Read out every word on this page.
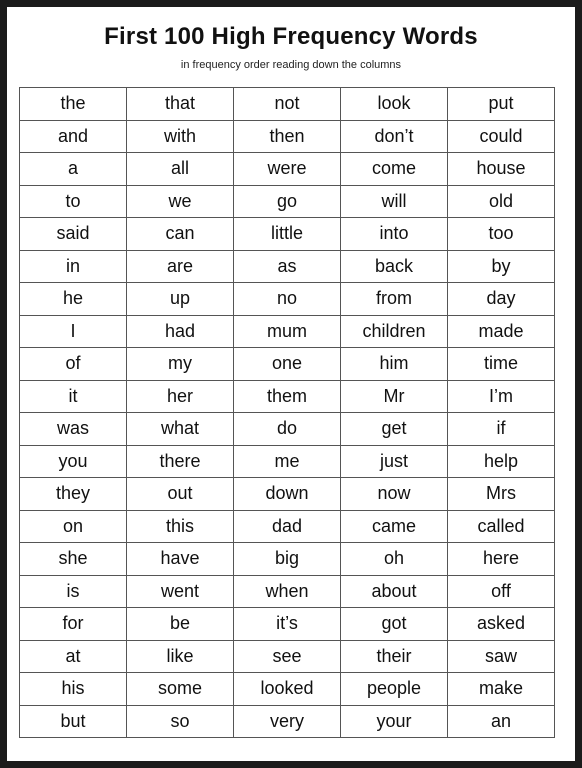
First 100 High Frequency Words
in frequency order reading down the columns
the	that	not	look	put
and	with	then	don’t	could
a	all	were	come	house
to	we	go	will	old
said	can	little	into	too
in	are	as	back	by
he	up	no	from	day
I	had	mum	children	made
of	my	one	him	time
it	her	them	Mr	I’m
was	what	do	get	if
you	there	me	just	help
they	out	down	now	Mrs
on	this	dad	came	called
she	have	big	oh	here
is	went	when	about	off
for	be	it’s	got	asked
at	like	see	their	saw
his	some	looked	people	make
but	so	very	your	an
